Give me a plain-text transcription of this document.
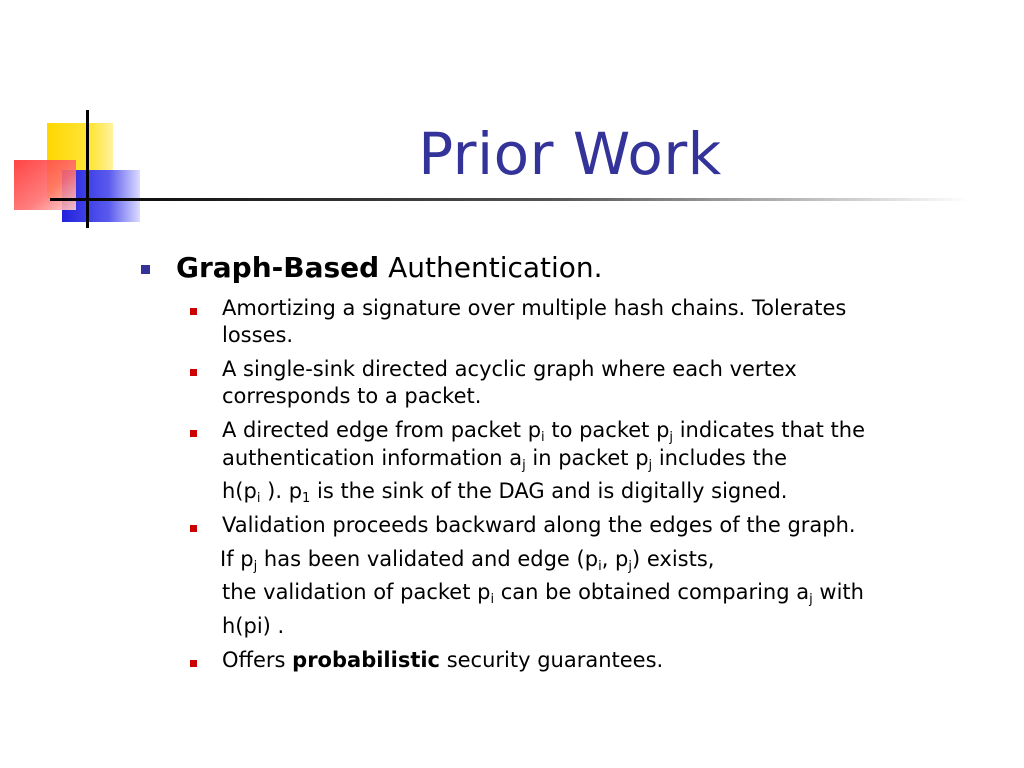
Prior Work
Graph-Based Authentication.
Amortizing a signature over multiple hash chains. Tolerates
losses.
A single-sink directed acyclic graph where each vertex
corresponds to a packet.
A directed edge from packet $p_i$ to packet $p_j$ indicates that the
authentication information $a_j$ in packet $p_j$ includes the
$h(p_i$ ). $p_1$ is the sink of the DAG and is digitally signed.
Validation proceeds backward along the edges of the graph.
If $p_j$ has been validated and edge ($p_i$, $p_j$) exists,
the validation of packet $p_i$ can be obtained comparing $a_j$ with
h(pi) .
Offers probabilistic security guarantees.
